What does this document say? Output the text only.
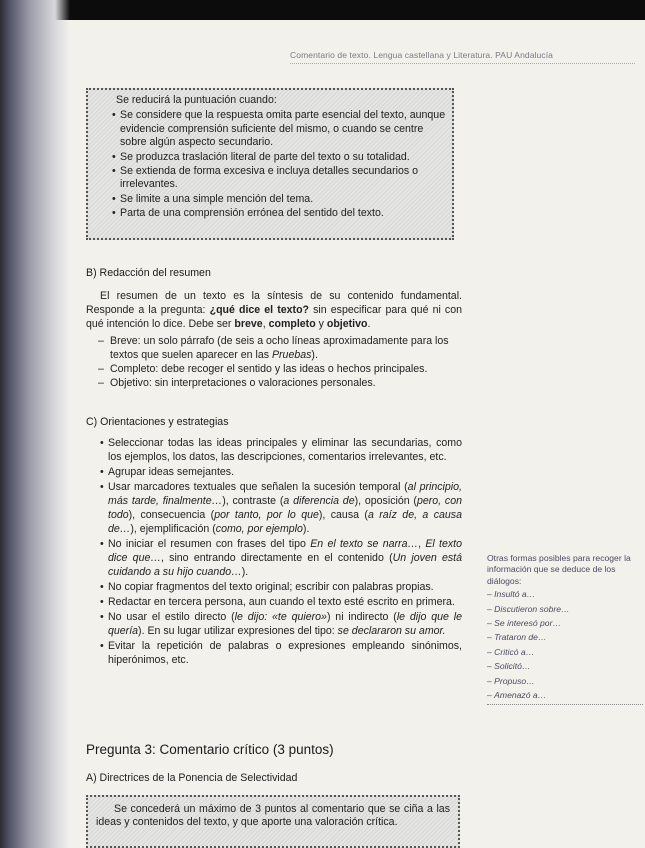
Comentario de texto. Lengua castellana y Literatura. PAU Andalucía

Se reducirá la puntuación cuando:

• Se considere que la respuesta omita parte esencial del texto, aunque evidencie comprensión suficiente del mismo, o cuando se centre sobre algún aspecto secundario.
• Se produzca traslación literal de parte del texto o su totalidad.
• Se extienda de forma excesiva e incluya detalles secundarios o irrelevantes.
• Se limite a una simple mención del tema.
• Parta de una comprensión errónea del sentido del texto.
B) Redacción del resumen

El resumen de un texto es la síntesis de su contenido fundamental. Responde a la pregunta: ¿qué dice el texto? sin especificar para qué ni con qué intención lo dice. Debe ser breve, completo y objetivo.

– Breve: un solo párrafo (de seis a ocho líneas aproximadamente para los textos que suelen aparecer en las Pruebas).
– Completo: debe recoger el sentido y las ideas o hechos principales.
– Objetivo: sin interpretaciones o valoraciones personales.
C) Orientaciones y estrategias
• Seleccionar todas las ideas principales y eliminar las secundarias, como los ejemplos, los datos, las descripciones, comentarios irrelevantes, etc.
• Agrupar ideas semejantes.
• Usar marcadores textuales que señalen la sucesión temporal (al principio, más tarde, finalmente…), contraste (a diferencia de), oposición (pero, con todo), consecuencia (por tanto, por lo que), causa (a raíz de, a causa de…), ejemplificación (como, por ejemplo).
• No iniciar el resumen con frases del tipo En el texto se narra…, El texto dice que…, sino entrando directamente en el contenido (Un joven está cuidando a su hijo cuando…).
• No copiar fragmentos del texto original; escribir con palabras propias.
• Redactar en tercera persona, aun cuando el texto esté escrito en primera.
• No usar el estilo directo (le dijo: «te quiero») ni indirecto (le dijo que le quería). En su lugar utilizar expresiones del tipo: se declararon su amor.
• Evitar la repetición de palabras o expresiones empleando sinónimos, hiperónimos, etc.
Otras formas posibles para recoger la información que se deduce de los diálogos:
– Insultó a…
– Discutieron sobre…
– Se interesó por…
– Trataron de…
– Criticó a…
– Solicitó…
– Propuso…
– Amenazó a…
Pregunta 3: Comentario crítico (3 puntos)
A) Directrices de la Ponencia de Selectividad
Se concederá un máximo de 3 puntos al comentario que se ciña a las ideas y contenidos del texto, y que aporte una valoración crítica.
